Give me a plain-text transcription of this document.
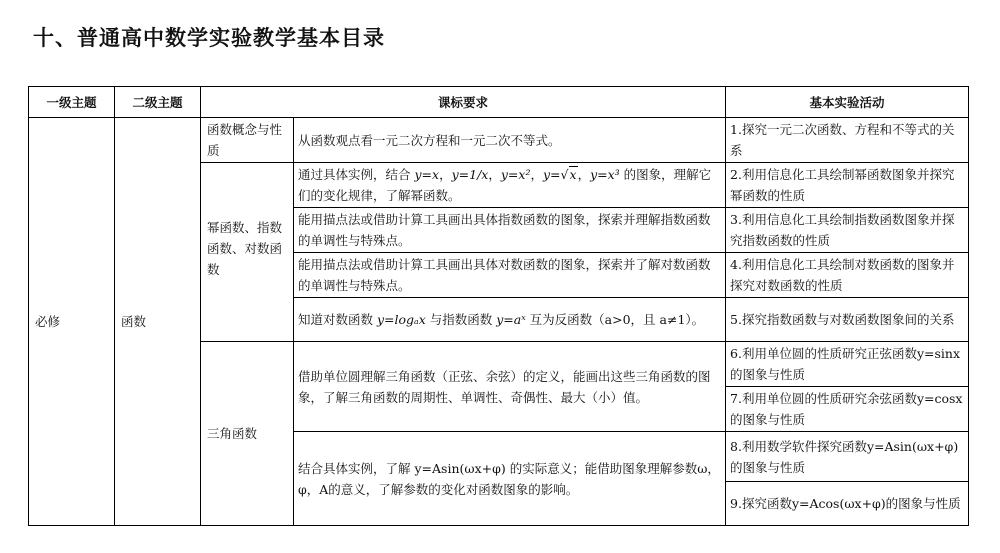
十、普通高中数学实验教学基本目录
一级主题	二级主题	课标要求		基本实验活动
必修	函数	函数概念与性质	从函数观点看一元二次方程和一元二次不等式。	1.探究一元二次函数、方程和不等式的关系
		幂函数、指数函数、对数函数	通过具体实例，结合 y=x，y=1/x，y=x²，y=√x，y=x³ 的图象，理解它们的变化规律，了解幂函数。	2.利用信息化工具绘制幂函数图象并探究幂函数的性质
			能用描点法或借助计算工具画出具体指数函数的图象，探索并理解指数函数的单调性与特殊点。	3.利用信息化工具绘制指数函数图象并探究指数函数的性质
			能用描点法或借助计算工具画出具体对数函数的图象，探索并了解对数函数的单调性与特殊点。	4.利用信息化工具绘制对数函数的图象并探究对数函数的性质
			知道对数函数 y=logₐx 与指数函数 y=aˣ 互为反函数（a>0，且 a≠1）。	5.探究指数函数与对数函数图象间的关系
		三角函数	借助单位圆理解三角函数（正弦、余弦）的定义，能画出这些三角函数的图象，了解三角函数的周期性、单调性、奇偶性、最大（小）值。	6.利用单位圆的性质研究正弦函数y=sinx的图象与性质
				7.利用单位圆的性质研究余弦函数y=cosx的图象与性质
			结合具体实例，了解 y=Asin(ωx+φ) 的实际意义；能借助图象理解参数ω，φ，A的意义，了解参数的变化对函数图象的影响。	8.利用数学软件探究函数y=Asin(ωx+φ)的图象与性质
				9.探究函数y=Acos(ωx+φ)的图象与性质
